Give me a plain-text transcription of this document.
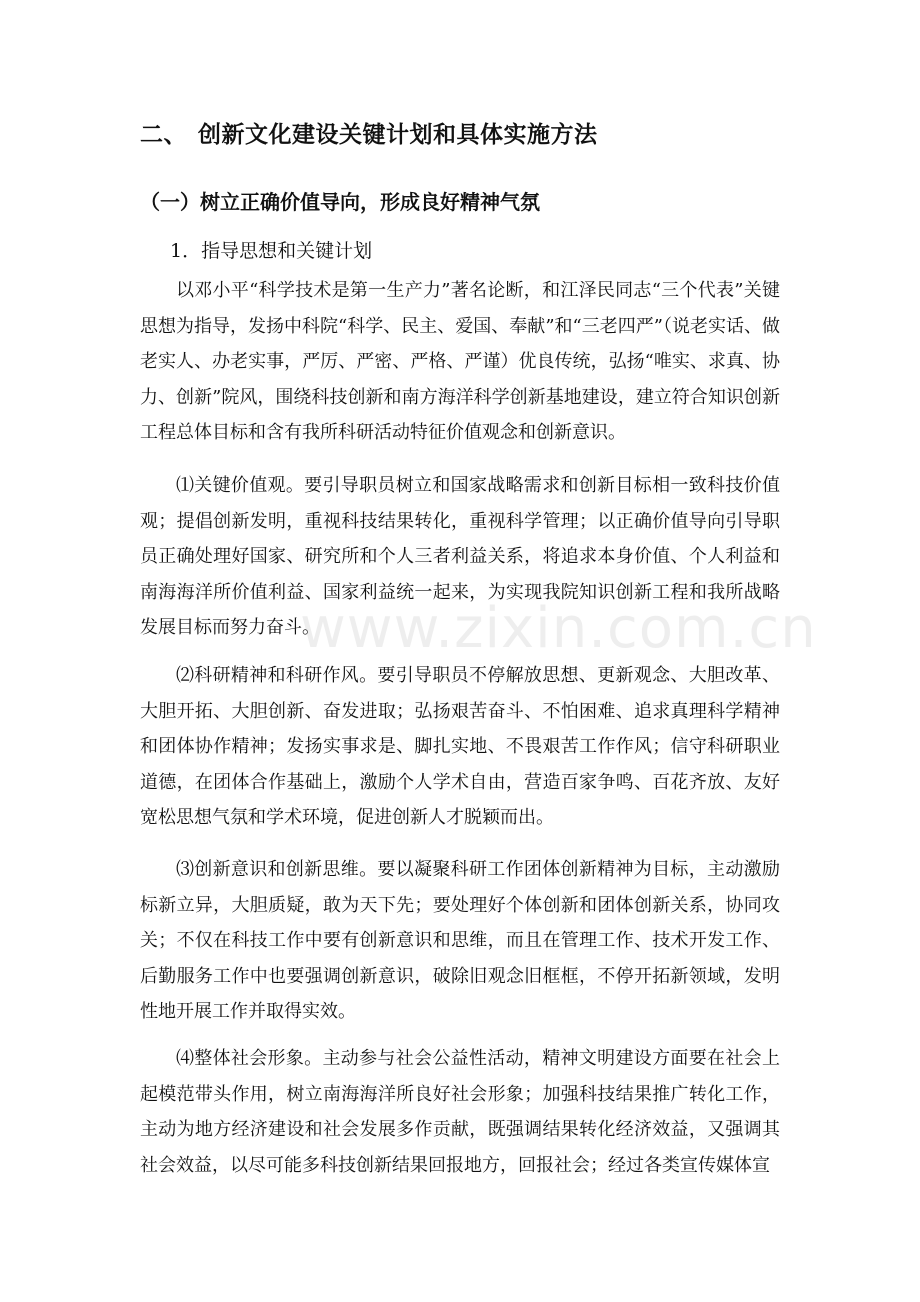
二、 创新文化建设关键计划和具体实施方法
（一）树立正确价值导向，形成良好精神气氛
1．指导思想和关键计划

以邓小平“科学技术是第一生产力”著名论断，和江泽民同志“三个代表”关键思想为指导，发扬中科院“科学、民主、爱国、奉献”和“三老四严”（说老实话、做老实人、办老实事，严厉、严密、严格、严谨）优良传统，弘扬“唯实、求真、协力、创新”院风，围绕科技创新和南方海洋科学创新基地建设，建立符合知识创新工程总体目标和含有我所科研活动特征价值观念和创新意识。

⑴关键价值观。要引导职员树立和国家战略需求和创新目标相一致科技价值观；提倡创新发明，重视科技结果转化，重视科学管理；以正确价值导向引导职员正确处理好国家、研究所和个人三者利益关系，将追求本身价值、个人利益和南海海洋所价值利益、国家利益统一起来，为实现我院知识创新工程和我所战略发展目标而努力奋斗。

⑵科研精神和科研作风。要引导职员不停解放思想、更新观念、大胆改革、大胆开拓、大胆创新、奋发进取；弘扬艰苦奋斗、不怕困难、追求真理科学精神和团体协作精神；发扬实事求是、脚扎实地、不畏艰苦工作作风；信守科研职业道德，在团体合作基础上，激励个人学术自由，营造百家争鸣、百花齐放、友好宽松思想气氛和学术环境，促进创新人才脱颖而出。

⑶创新意识和创新思维。要以凝聚科研工作团体创新精神为目标，主动激励标新立异，大胆质疑，敢为天下先；要处理好个体创新和团体创新关系，协同攻关；不仅在科技工作中要有创新意识和思维，而且在管理工作、技术开发工作、后勤服务工作中也要强调创新意识，破除旧观念旧框框，不停开拓新领域，发明性地开展工作并取得实效。

⑷整体社会形象。主动参与社会公益性活动，精神文明建设方面要在社会上起模范带头作用，树立南海海洋所良好社会形象；加强科技结果推广转化工作，主动为地方经济建设和社会发展多作贡献，既强调结果转化经济效益，又强调其社会效益，以尽可能多科技创新结果回报地方，回报社会；经过各类宣传媒体宣

www.zixin.com.cn
